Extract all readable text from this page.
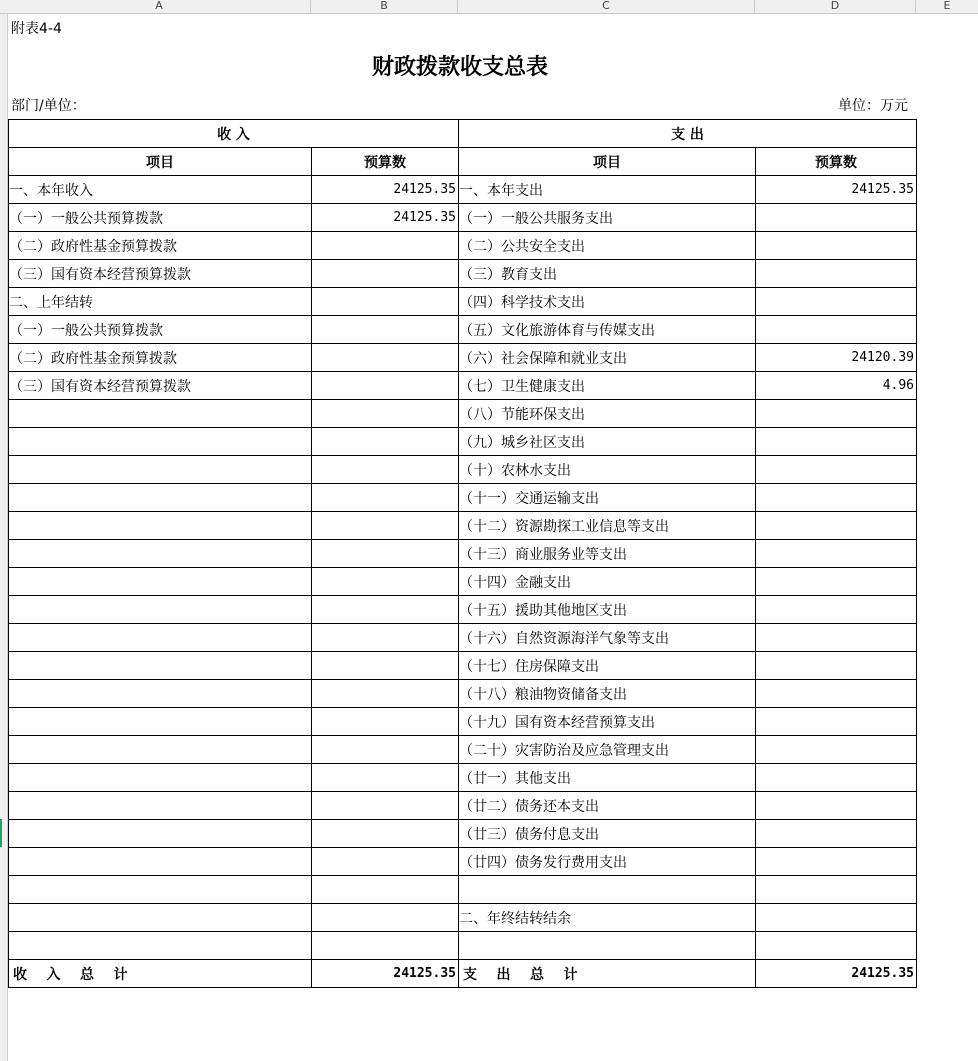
A	B	C	D	E
附表4-4
财政拨款收支总表
部门/单位：	单位：万元
收 入		支 出	
项目	预算数	项目	预算数
一、本年收入	24125.35	一、本年支出	24125.35
（一）一般公共预算拨款	24125.35	（一）一般公共服务支出	
（二）政府性基金预算拨款		（二）公共安全支出	
（三）国有资本经营预算拨款		（三）教育支出	
二、上年结转		（四）科学技术支出	
（一）一般公共预算拨款		（五）文化旅游体育与传媒支出	
（二）政府性基金预算拨款		（六）社会保障和就业支出	24120.39
（三）国有资本经营预算拨款		（七）卫生健康支出	4.96
		（八）节能环保支出	
		（九）城乡社区支出	
		（十）农林水支出	
		（十一）交通运输支出	
		（十二）资源勘探工业信息等支出	
		（十三）商业服务业等支出	
		（十四）金融支出	
		（十五）援助其他地区支出	
		（十六）自然资源海洋气象等支出	
		（十七）住房保障支出	
		（十八）粮油物资储备支出	
		（十九）国有资本经营预算支出	
		（二十）灾害防治及应急管理支出	
		（廿一）其他支出	
		（廿二）债务还本支出	
		（廿三）债务付息支出	
		（廿四）债务发行费用支出	

		二、年终结转结余	

收    入    总    计	24125.35	支    出    总    计	24125.35
